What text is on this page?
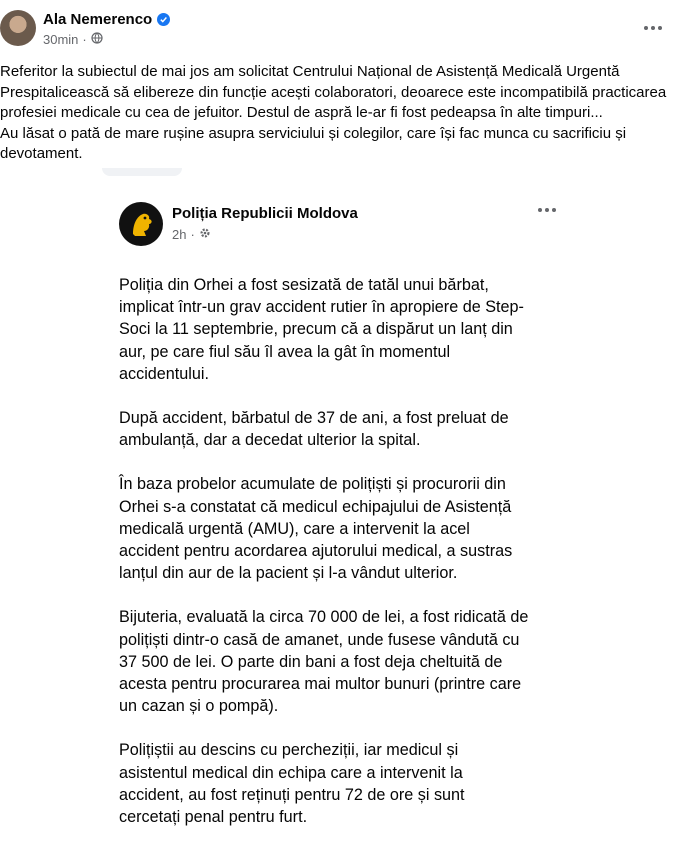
Ala Nemerenco
30min ·
Referitor la subiectul de mai jos am solicitat Centrului Național de Asistență Medicală Urgentă
Prespitalicească să elibereze din funcție acești colaboratori, deoarece este incompatibilă practicarea
profesiei medicale cu cea de jefuitor. Destul de aspră le-ar fi fost pedeapsa în alte timpuri...
Au lăsat o pată de mare rușine asupra serviciului și colegilor, care își fac munca cu sacrificiu și
devotament.
Poliția Republicii Moldova
2h ·

Poliția din Orhei a fost sesizată de tatăl unui bărbat,
implicat într-un grav accident rutier în apropiere de Step-
Soci la 11 septembrie, precum că a dispărut un lanț din
aur, pe care fiul său îl avea la gât în momentul
accidentului.

După accident, bărbatul de 37 de ani, a fost preluat de
ambulanță, dar a decedat ulterior la spital.

În baza probelor acumulate de polițiști și procurorii din
Orhei s-a constatat că medicul echipajului de Asistență
medicală urgentă (AMU), care a intervenit la acel
accident pentru acordarea ajutorului medical, a sustras
lanțul din aur de la pacient și l-a vândut ulterior.

Bijuteria, evaluată la circa 70 000 de lei, a fost ridicată de
polițiști dintr-o casă de amanet, unde fusese vândută cu
37 500 de lei. O parte din bani a fost deja cheltuită de
acesta pentru procurarea mai multor bunuri (printre care
un cazan și o pompă).

Polițiștii au descins cu percheziții, iar medicul și
asistentul medical din echipa care a intervenit la
accident, au fost reținuți pentru 72 de ore și sunt
cercetați penal pentru furt.
